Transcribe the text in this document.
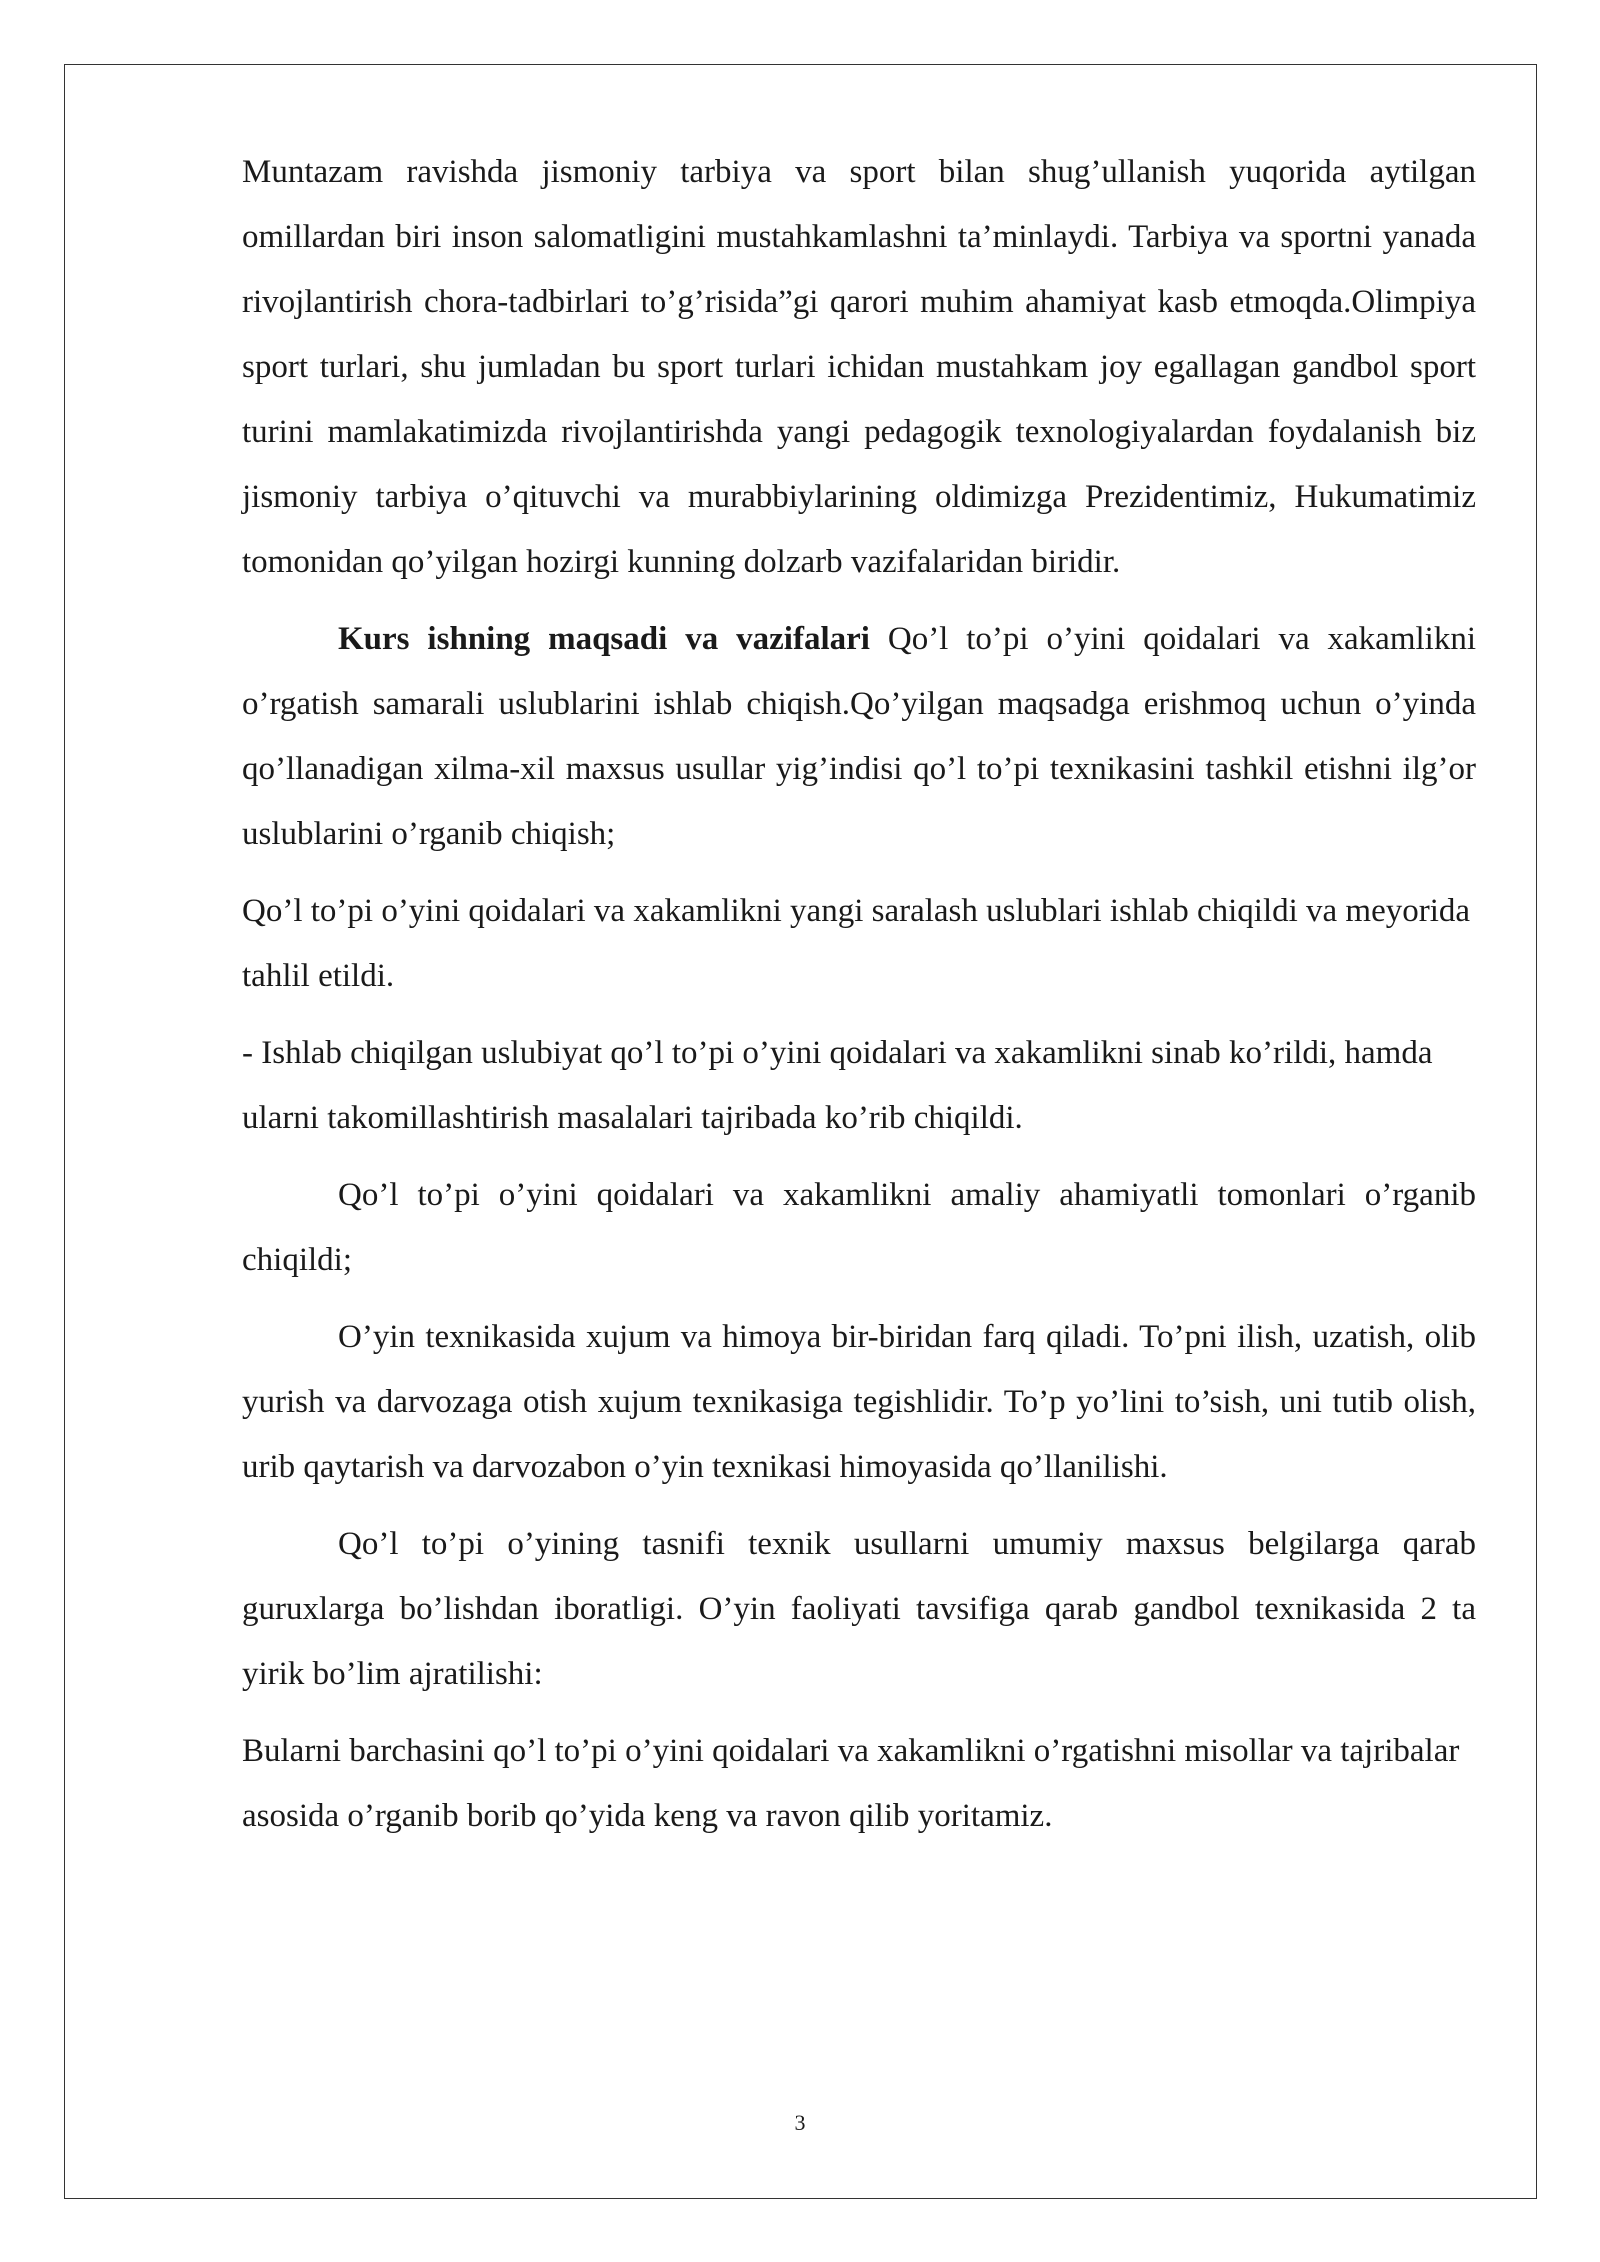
Muntazam ravishda jismoniy tarbiya va sport bilan shug’ullanish yuqorida aytilgan omillardan biri inson salomatligini mustahkamlashni ta’minlaydi. Tarbiya va sportni yanada rivojlantirish chora-tadbirlari to’g’risida”gi qarori muhim ahamiyat kasb etmoqda.Olimpiya sport turlari, shu jumladan bu sport turlari ichidan mustahkam joy egallagan gandbol sport turini mamlakatimizda rivojlantirishda yangi pedagogik texnologiyalardan foydalanish biz jismoniy tarbiya o’qituvchi va murabbiylarining oldimizga Prezidentimiz, Hukumatimiz tomonidan qo’yilgan hozirgi kunning dolzarb vazifalaridan biridir.

Kurs ishning maqsadi va vazifalari Qo’l to’pi o’yini qoidalari va xakamlikni o’rgatish samarali uslublarini ishlab chiqish.Qo’yilgan maqsadga erishmoq uchun o’yinda qo’llanadigan xilma-xil maxsus usullar yig’indisi qo’l to’pi texnikasini tashkil etishni ilg’or uslublarini o’rganib chiqish;

Qo’l to’pi o’yini qoidalari va xakamlikni yangi saralash uslublari ishlab chiqildi va meyorida tahlil etildi.

- Ishlab chiqilgan uslubiyat qo’l to’pi o’yini qoidalari va xakamlikni sinab ko’rildi, hamda ularni takomillashtirish masalalari tajribada ko’rib chiqildi.

Qo’l to’pi o’yini qoidalari va xakamlikni amaliy ahamiyatli tomonlari o’rganib chiqildi;

O’yin texnikasida xujum va himoya bir-biridan farq qiladi. To’pni ilish, uzatish, olib yurish va darvozaga otish xujum texnikasiga tegishlidir. To’p yo’lini to’sish, uni tutib olish, urib qaytarish va darvozabon o’yin texnikasi himoyasida qo’llanilishi.

Qo’l to’pi o’yining tasnifi texnik usullarni umumiy maxsus belgilarga qarab guruxlarga bo’lishdan iboratligi. O’yin faoliyati tavsifiga qarab gandbol texnikasida 2 ta yirik bo’lim ajratilishi:

Bularni barchasini qo’l to’pi o’yini qoidalari va xakamlikni o’rgatishni misollar va tajribalar asosida o’rganib borib qo’yida keng va ravon qilib yoritamiz.

3
